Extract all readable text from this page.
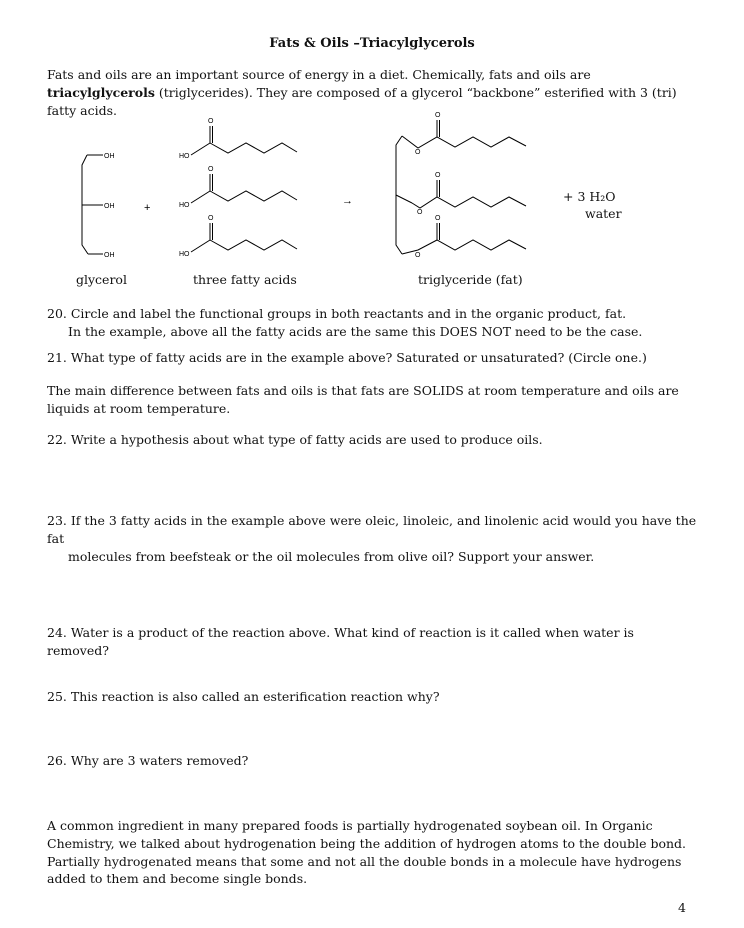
Fats & Oils –Triacylglycerols
Fats and oils are an important source of energy in a diet. Chemically, fats and oils are triacylglycerols (triglycerides). They are composed of a glycerol “backbone” esterified with 3 (tri) fatty acids.
OH
OH
OH
+
HO
O
HO
O
HO
O
→
O
O
O
O
O
O
+ 3 H₂O
water
glycerol	three fatty acids	triglyceride (fat)
20. Circle and label the functional groups in both reactants and in the organic product, fat.
In the example, above all the fatty acids are the same this DOES NOT need to be the case.
21. What type of fatty acids are in the example above? Saturated or unsaturated? (Circle one.)
The main difference between fats and oils is that fats are SOLIDS at room temperature and oils are liquids at room temperature.
22. Write a hypothesis about what type of fatty acids are used to produce oils.
23. If the 3 fatty acids in the example above were oleic, linoleic, and linolenic acid would you have the fat
molecules from beefsteak or the oil molecules from olive oil? Support your answer.
24. Water is a product of the reaction above. What kind of reaction is it called when water is removed?
25. This reaction is also called an esterification reaction why?
26. Why are 3 waters removed?
A common ingredient in many prepared foods is partially hydrogenated soybean oil. In Organic Chemistry, we talked about hydrogenation being the addition of hydrogen atoms to the double bond. Partially hydrogenated means that some and not all the double bonds in a molecule have hydrogens added to them and become single bonds.
4
